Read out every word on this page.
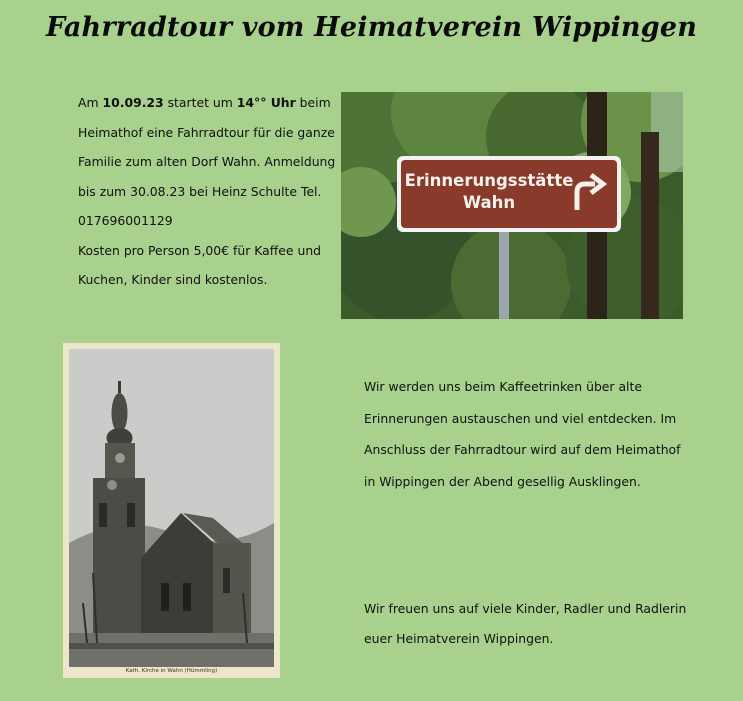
Fahrradtour vom Heimatverein Wippingen

Am 10.09.23 startet um 14°° Uhr beim Heimathof eine Fahrradtour für die ganze Familie zum alten Dorf Wahn. Anmeldung bis zum 30.08.23 bei Heinz Schulte Tel. 017696001129

Kosten pro Person 5,00€ für Kaffee und Kuchen, Kinder sind kostenlos.

Erinnerungsstätte
Wahn
Kath. Kirche in Wahn (Hümmling)

Wir werden uns beim Kaffeetrinken über alte Erinnerungen austauschen und viel entdecken. Im Anschluss der Fahrradtour wird auf dem Heimathof in Wippingen der Abend gesellig Ausklingen.

Wir freuen uns auf viele Kinder, Radler und Radlerin euer Heimatverein Wippingen.
